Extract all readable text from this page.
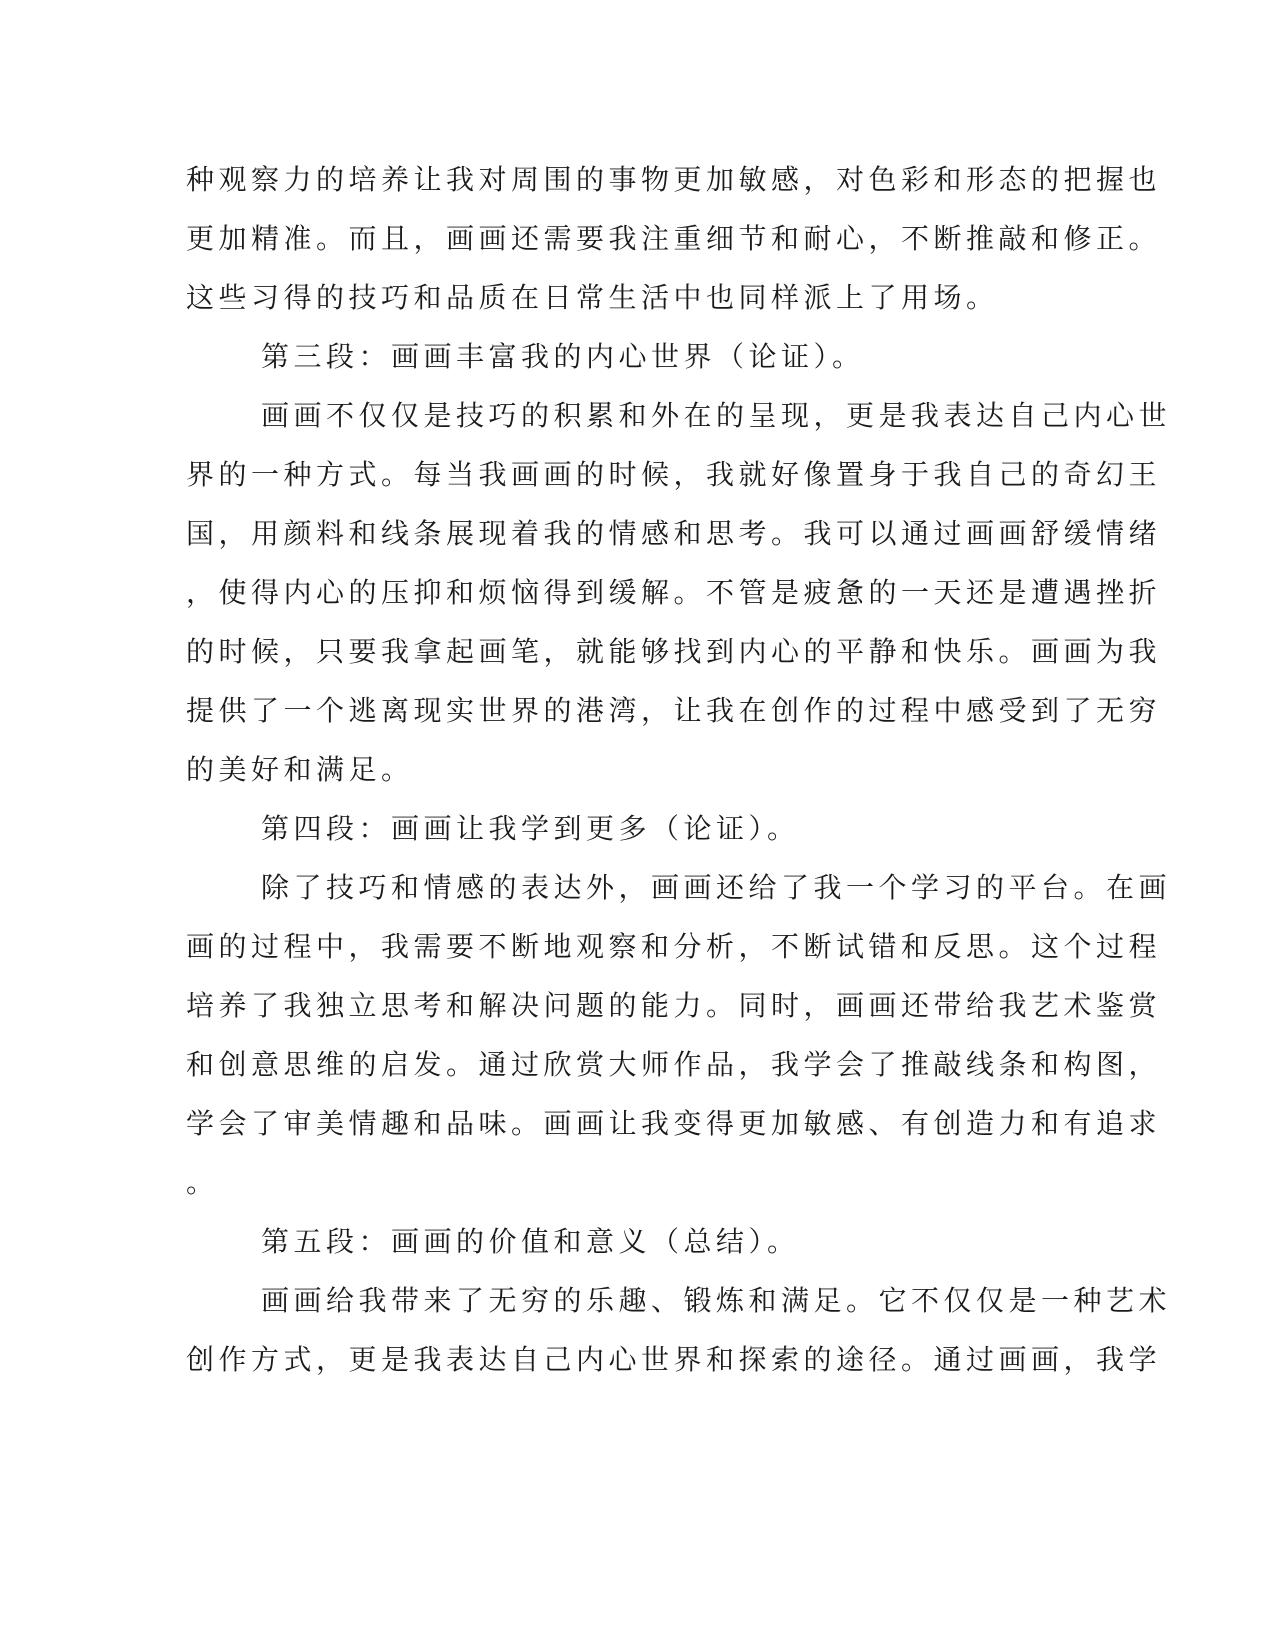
种观察力的培养让我对周围的事物更加敏感，对色彩和形态的把握也

更加精准。而且，画画还需要我注重细节和耐心，不断推敲和修正。

这些习得的技巧和品质在日常生活中也同样派上了用场。

第三段：画画丰富我的内心世界（论证）。

画画不仅仅是技巧的积累和外在的呈现，更是我表达自己内心世

界的一种方式。每当我画画的时候，我就好像置身于我自己的奇幻王

国，用颜料和线条展现着我的情感和思考。我可以通过画画舒缓情绪

，使得内心的压抑和烦恼得到缓解。不管是疲惫的一天还是遭遇挫折

的时候，只要我拿起画笔，就能够找到内心的平静和快乐。画画为我

提供了一个逃离现实世界的港湾，让我在创作的过程中感受到了无穷

的美好和满足。

第四段：画画让我学到更多（论证）。

除了技巧和情感的表达外，画画还给了我一个学习的平台。在画

画的过程中，我需要不断地观察和分析，不断试错和反思。这个过程

培养了我独立思考和解决问题的能力。同时，画画还带给我艺术鉴赏

和创意思维的启发。通过欣赏大师作品，我学会了推敲线条和构图，

学会了审美情趣和品味。画画让我变得更加敏感、有创造力和有追求

。

第五段：画画的价值和意义（总结）。

画画给我带来了无穷的乐趣、锻炼和满足。它不仅仅是一种艺术

创作方式，更是我表达自己内心世界和探索的途径。通过画画，我学
